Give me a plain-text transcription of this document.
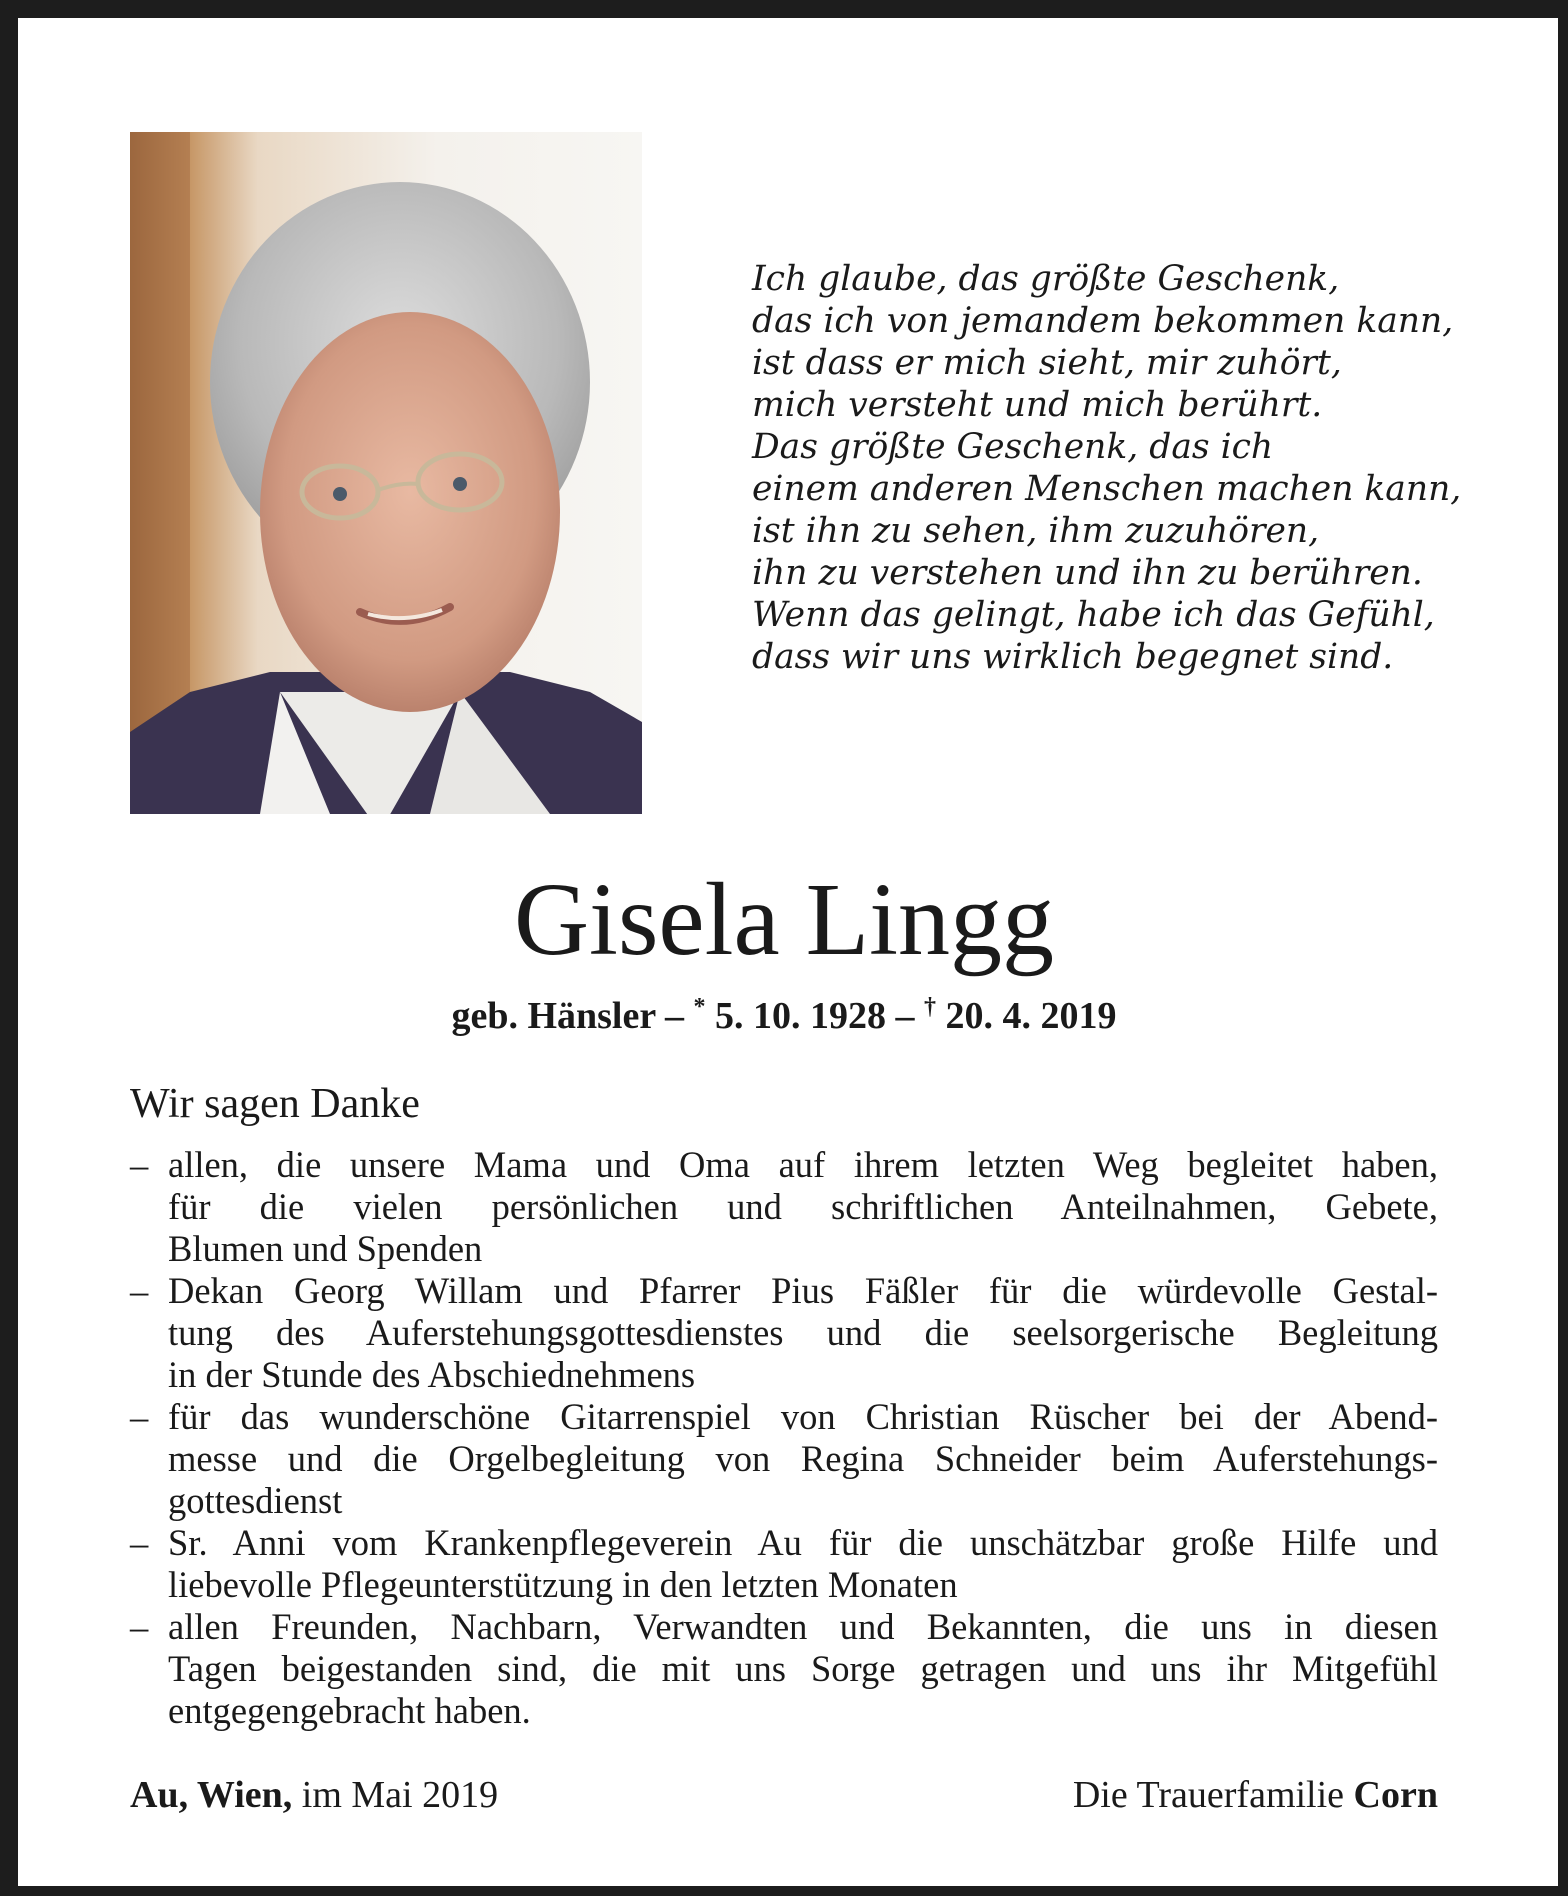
Ich glaube, das größte Geschenk,
das ich von jemandem bekommen kann,
ist dass er mich sieht, mir zuhört,
mich versteht und mich berührt.
Das größte Geschenk, das ich
einem anderen Menschen machen kann,
ist ihn zu sehen, ihm zuzuhören,
ihn zu verstehen und ihn zu berühren.
Wenn das gelingt, habe ich das Gefühl,
dass wir uns wirklich begegnet sind.
Gisela Lingg
geb. Hänsler – * 5. 10. 1928 – † 20. 4. 2019
Wir sagen Danke
– allen, die unsere Mama und Oma auf ihrem letzten Weg begleitet haben,
für die vielen persönlichen und schriftlichen Anteilnahmen, Gebete,
Blumen und Spenden
– Dekan Georg Willam und Pfarrer Pius Fäßler für die würdevolle Gestal-
tung des Auferstehungsgottesdienstes und die seelsorgerische Begleitung
in der Stunde des Abschiednehmens
– für das wunderschöne Gitarrenspiel von Christian Rüscher bei der Abend-
messe und die Orgelbegleitung von Regina Schneider beim Auferstehungs-
gottesdienst
– Sr. Anni vom Krankenpflegeverein Au für die unschätzbar große Hilfe und
liebevolle Pflegeunterstützung in den letzten Monaten
– allen Freunden, Nachbarn, Verwandten und Bekannten, die uns in diesen
Tagen beigestanden sind, die mit uns Sorge getragen und uns ihr Mitgefühl
entgegengebracht haben.
Au, Wien, im Mai 2019	Die Trauerfamilie Corn
